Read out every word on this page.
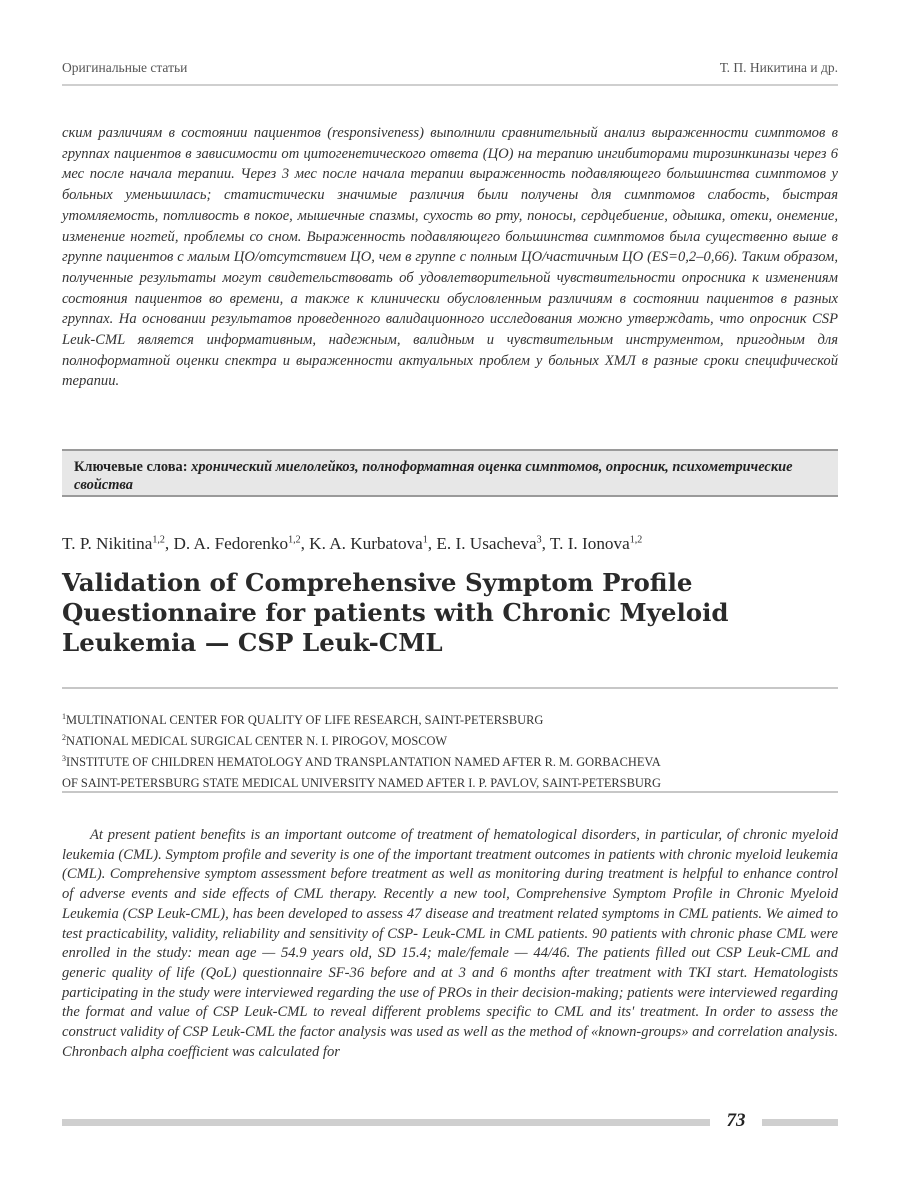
Оригинальные статьи	Т. П. Никитина и др.

ским различиям в состоянии пациентов (responsiveness) выполнили сравнительный анализ выраженности симптомов в группах пациентов в зависимости от цитогенетического ответа (ЦО) на терапию ингибиторами тирозинкиназы через 6 мес после начала терапии. Через 3 мес после начала терапии выраженность подавляющего большинства симптомов у больных уменьшилась; статистически значимые различия были получены для симптомов слабость, быстрая утомляемость, потливость в покое, мышечные спазмы, сухость во рту, поносы, сердцебиение, одышка, отеки, онемение, изменение ногтей, проблемы со сном. Выраженность подавляющего большинства симптомов была существенно выше в группе пациентов с малым ЦО/отсутствием ЦО, чем в группе с полным ЦО/частичным ЦО (ES=0,2–0,66). Таким образом, полученные результаты могут свидетельствовать об удовлетворительной чувствительности опросника к изменениям состояния пациентов во времени, а также к клинически обусловленным различиям в состоянии пациентов в разных группах. На основании результатов проведенного валидационного исследования можно утверждать, что опросник CSP Leuk-CML является информативным, надежным, валидным и чувствительным инструментом, пригодным для полноформатной оценки спектра и выраженности актуальных проблем у больных ХМЛ в разные сроки специфической терапии.

Ключевые слова: хронический миелолейкоз, полноформатная оценка симптомов, опросник, психометрические свойства
T. P. Nikitina$^{1,2}$, D. A. Fedorenko$^{1,2}$, K. A. Kurbatova$^1$, E. I. Usacheva$^3$, T. I. Ionova$^{1,2}$
Validation of Comprehensive Symptom Profile
Questionnaire for patients with Chronic Myeloid
Leukemia — CSP Leuk-CML
$^1$MULTINATIONAL CENTER FOR QUALITY OF LIFE RESEARCH, SAINT-PETERSBURG
$^2$NATIONAL MEDICAL SURGICAL CENTER N. I. PIROGOV, MOSCOW
$^3$INSTITUTE OF CHILDREN HEMATOLOGY AND TRANSPLANTATION NAMED AFTER R. M. GORBACHEVA
OF SAINT-PETERSBURG STATE MEDICAL UNIVERSITY NAMED AFTER I. P. PAVLOV, SAINT-PETERSBURG

At present patient benefits is an important outcome of treatment of hematological disorders, in particular, of chronic myeloid leukemia (CML). Symptom profile and severity is one of the important treatment outcomes in patients with chronic myeloid leukemia (CML). Comprehensive symptom assessment before treatment as well as monitoring during treatment is helpful to enhance control of adverse events and side effects of CML therapy. Recently a new tool, Comprehensive Symptom Profile in Chronic Myeloid Leukemia (CSP Leuk-CML), has been developed to assess 47 disease and treatment related symptoms in CML patients. We aimed to test practicability, validity, reliability and sensitivity of CSP- Leuk-CML in CML patients. 90 patients with chronic phase CML were enrolled in the study: mean age — 54.9 years old, SD 15.4; male/female — 44/46. The patients filled out CSP Leuk-CML and generic quality of life (QoL) questionnaire SF-36 before and at 3 and 6 months after treatment with TKI start. Hematologists participating in the study were interviewed regarding the use of PROs in their decision-making; patients were interviewed regarding the format and value of CSP Leuk-CML to reveal different problems specific to CML and its' treatment. In order to assess the construct validity of CSP Leuk-CML the factor analysis was used as well as the method of «known-groups» and correlation analysis. Chronbach alpha coefficient was calculated for

73
